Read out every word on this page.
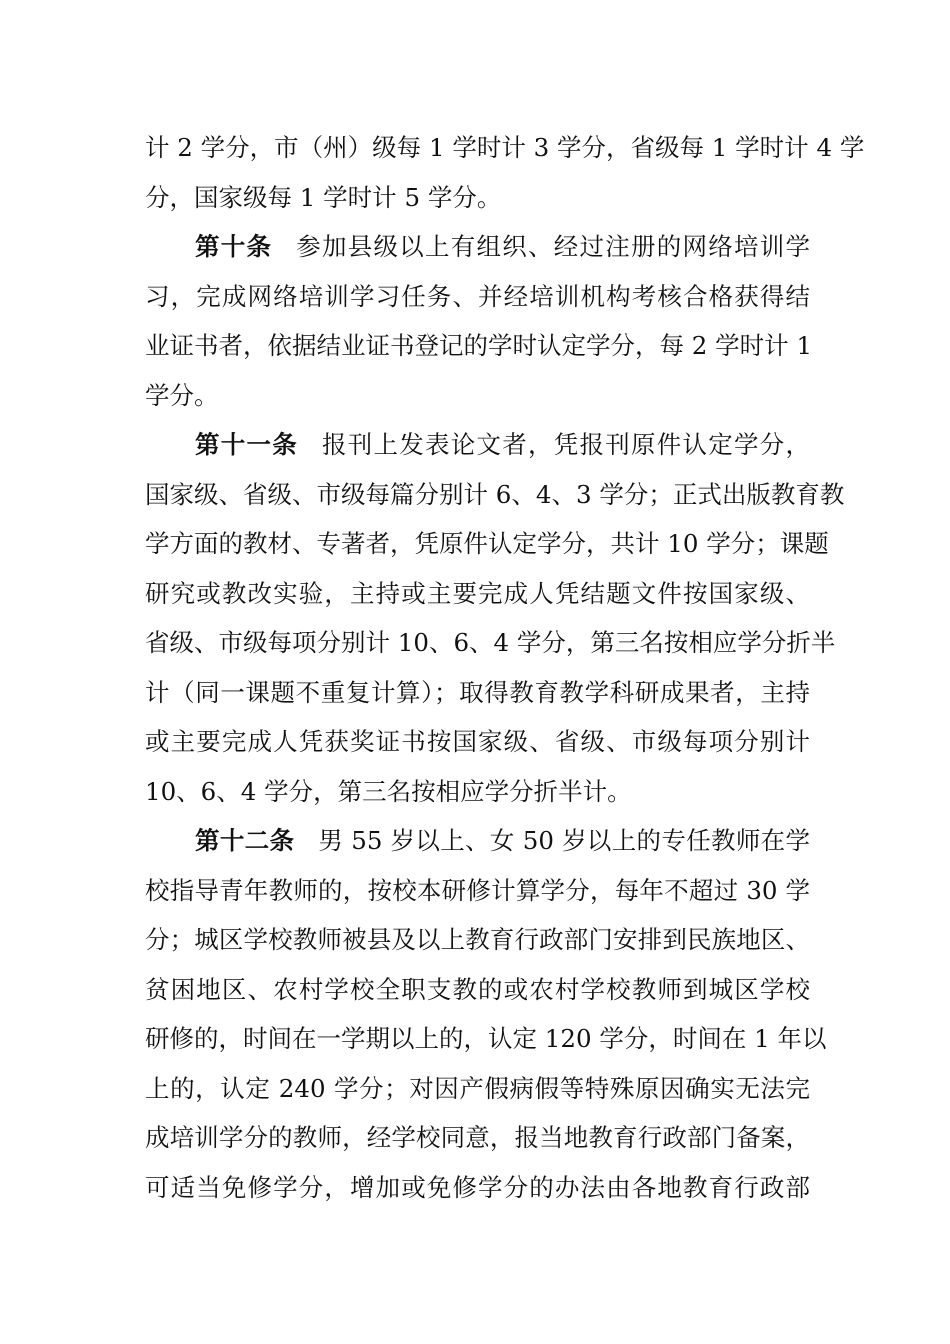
计 2 学分，市（州）级每 1 学时计 3 学分，省级每 1 学时计 4 学
分，国家级每 1 学时计 5 学分。
第十条 参加县级以上有组织、经过注册的网络培训学
习，完成网络培训学习任务、并经培训机构考核合格获得结
业证书者，依据结业证书登记的学时认定学分，每 2 学时计 1
学分。
第十一条 报刊上发表论文者，凭报刊原件认定学分，
国家级、省级、市级每篇分别计 6、4、3 学分；正式出版教育教
学方面的教材、专著者，凭原件认定学分，共计 10 学分；课题
研究或教改实验，主持或主要完成人凭结题文件按国家级、
省级、市级每项分别计 10、6、4 学分，第三名按相应学分折半
计（同一课题不重复计算）；取得教育教学科研成果者，主持
或主要完成人凭获奖证书按国家级、省级、市级每项分别计
10、6、4 学分，第三名按相应学分折半计。
第十二条 男 55 岁以上、女 50 岁以上的专任教师在学
校指导青年教师的，按校本研修计算学分，每年不超过 30 学
分；城区学校教师被县及以上教育行政部门安排到民族地区、
贫困地区、农村学校全职支教的或农村学校教师到城区学校
研修的，时间在一学期以上的，认定 120 学分，时间在 1 年以
上的，认定 240 学分；对因产假病假等特殊原因确实无法完
成培训学分的教师，经学校同意，报当地教育行政部门备案，
可适当免修学分，增加或免修学分的办法由各地教育行政部
